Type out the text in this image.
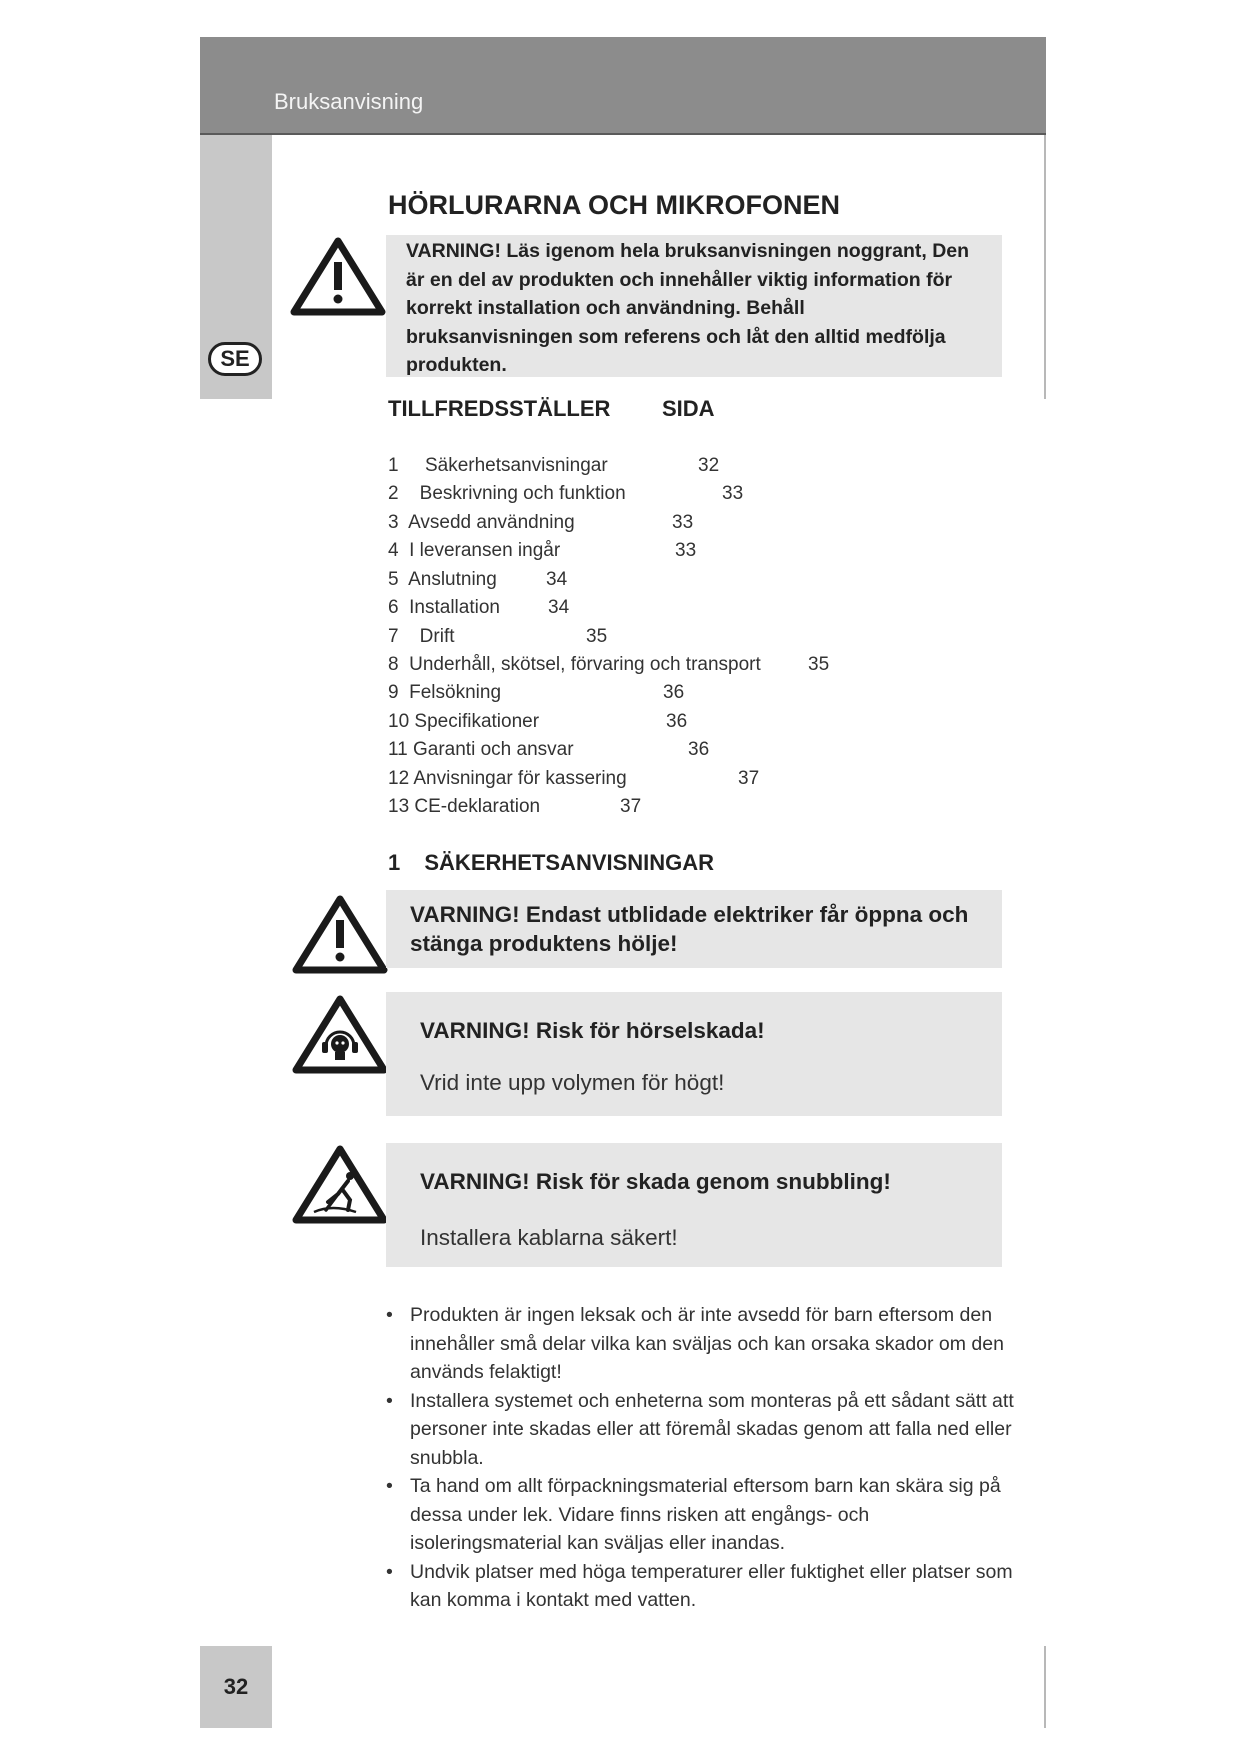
Bruksanvisning
SE
HÖRLURARNA OCH MIKROFONEN

VARNING! Läs igenom hela bruksanvisningen noggrant, Den är en del av produkten och innehåller viktig information för korrekt installation och användning. Behåll bruksanvisningen som referens och låt den alltid medfölja produkten.

TILLFREDSSTÄLLER SIDA
1     Säkerhetsanvisningar	32
2    Beskrivning och funktion	33
3  Avsedd användning	33
4  I leveransen ingår	33
5  Anslutning	34
6  Installation	34
7    Drift	35
8  Underhåll, skötsel, förvaring och transport 35
9  Felsökning	36
10 Specifikationer	36
11 Garanti och ansvar	36
12 Anvisningar för kassering	37
13 CE-deklaration	37
1 SÄKERHETSANVISNINGAR
VARNING! Endast utblidade elektriker får öppna och stänga produktens hölje!
VARNING! Risk för hörselskada!
Vrid inte upp volymen för högt!
VARNING! Risk för skada genom snubbling!
Installera kablarna säkert!
• Produkten är ingen leksak och är inte avsedd för barn eftersom den innehåller små delar vilka kan sväljas och kan orsaka skador om den används felaktigt!
• Installera systemet och enheterna som monteras på ett sådant sätt att personer inte skadas eller att föremål skadas genom att falla ned eller snubbla.
• Ta hand om allt förpackningsmaterial eftersom barn kan skära sig på dessa under lek. Vidare finns risken att engångs- och isoleringsmaterial kan sväljas eller inandas.
• Undvik platser med höga temperaturer eller fuktighet eller platser som kan komma i kontakt med vatten.
32
